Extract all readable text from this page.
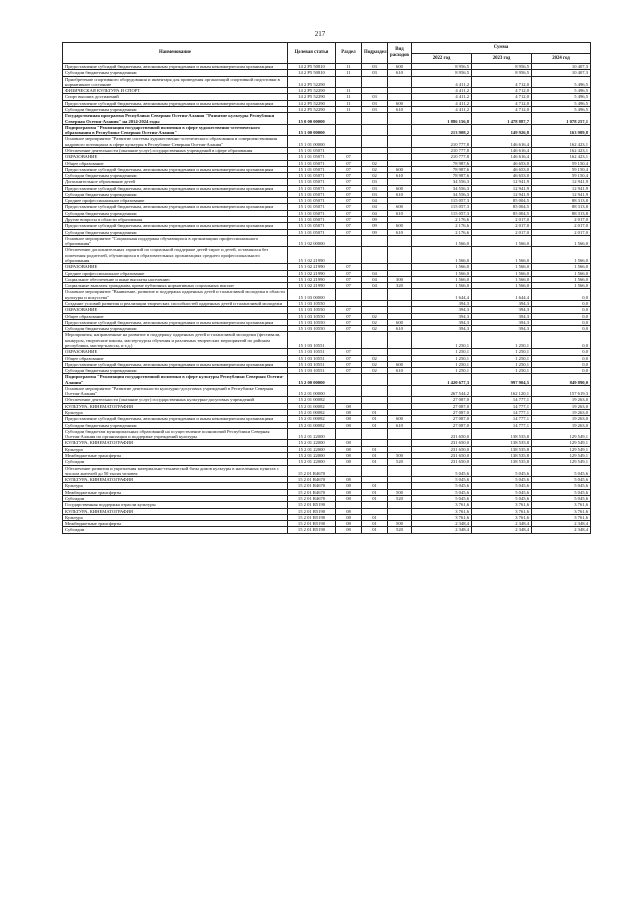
217
Наименование	Целевая статья	Раздел	Подраздел	Вид расходов	Сумма		
					2022 год	2023 год	2024 год
Предоставление субсидий бюджетным, автономным учреждениям и иным некоммерческим организациям	14 2 Р5 50810	11	03	600	8 956,5	8 956,5	10 407,3
Субсидии бюджетным учреждениям	14 2 Р5 50810	11	03	610	8 956,5	8 956,5	10 407,3
Приобретение спортивного оборудования и инвентаря для приведения организаций спортивной подготовки в нормативное состояние	14 2 Р5 52290				4 411,2	4 712,0	5 496,5
ФИЗИЧЕСКАЯ КУЛЬТУРА И СПОРТ	14 2 Р5 52290	11			4 411,2	4 712,0	5 496,5
Спорт высших достижений	14 2 Р5 52290	11	03		4 411,2	4 712,0	5 496,5
Предоставление субсидий бюджетным, автономным учреждениям и иным некоммерческим организациям	14 2 Р5 52290	11	03	600	4 411,2	4 712,0	5 496,5
Субсидии бюджетным учреждениям	14 2 Р5 52290	11	03	610	4 411,2	4 712,0	5 496,5
Государственная программа Республики Северная Осетия-Алания "Развитие культуры Республики Северная Осетия-Алания" на 2014-2024 годы	15 0 00 00000				1 886 156,8	1 478 887,7	1 078 257,1
Подпрограмма "Реализация государственной политики в сфере художественно-эстетического образования в Республике Северная Осетия-Алания"	15 1 00 00000				213 908,2	149 926,8	163 989,8
Основное мероприятие "Развитие системы художественно-эстетического образования и совершенствования кадрового потенциала в сфере культуры в Республике Северная Осетия-Алания"	15 1 01 00000				210 777,8	146 616,4	162 423,1
Обеспечение деятельности (оказание услуг) государственных учреждений в сфере образования	15 1 01 05071				210 777,8	146 616,4	162 423,1
ОБРАЗОВАНИЕ	15 1 01 05071	07			210 777,8	146 616,4	162 423,1
Общее образование	15 1 01 05071	07	02		78 987,6	46 653,0	59 150,4
Предоставление субсидий бюджетным, автономным учреждениям и иным некоммерческим организациям	15 1 01 05071	07	02	600	78 987,6	46 653,0	59 150,4
Субсидии бюджетным учреждениям	15 1 01 05071	07	02	610	78 987,6	46 653,0	59 150,4
Дополнительное образование детей	15 1 01 05071	07	03		34 556,3	12 941,9	12 941,9
Предоставление субсидий бюджетным, автономным учреждениям и иным некоммерческим организациям	15 1 01 05071	07	03	600	34 556,3	12 941,9	12 941,9
Субсидии бюджетным учреждениям	15 1 01 05071	07	03	610	34 556,3	12 941,9	12 941,9
Среднее профессиональное образование	15 1 01 05071	07	04		115 057,3	85 004,5	88 313,8
Предоставление субсидий бюджетным, автономным учреждениям и иным некоммерческим организациям	15 1 01 05071	07	04	600	115 057,3	85 004,5	88 313,8
Субсидии бюджетным учреждениям	15 1 01 05071	07	04	610	115 057,3	85 004,5	88 313,8
Другие вопросы в области образования	15 1 01 05071	07	09		2 176,6	2 017,0	2 017,0
Предоставление субсидий бюджетным, автономным учреждениям и иным некоммерческим организациям	15 1 01 05071	07	09	600	2 176,6	2 017,0	2 017,0
Субсидии бюджетным учреждениям	15 1 01 05071	07	09	610	2 176,6	2 017,0	2 017,0
Основное мероприятие "Социальная поддержка обучающихся в организациях профессионального образования"	15 1 02 00000				1 566,0	1 566,0	1 566,0
Обеспечение дополнительных гарантий по социальной поддержке детей-сирот и детей, оставшихся без попечения родителей, обучающихся в образовательных организациях среднего профессионального образования	15 1 02 21990				1 566,0	1 566,0	1 566,0
ОБРАЗОВАНИЕ	15 1 02 21990	07			1 566,0	1 566,0	1 566,0
Среднее профессиональное образование	15 1 02 21990	07	04		1 566,0	1 566,0	1 566,0
Социальное обеспечение и иные выплаты населению	15 1 02 21990	07	04	300	1 566,0	1 566,0	1 566,0
Социальные выплаты гражданам, кроме публичных нормативных социальных выплат	15 1 02 21990	07	04	320	1 566,0	1 566,0	1 566,0
Основное мероприятие "Выявление, развитие и поддержка одаренных детей и талантливой молодежи в области культуры и искусства"	15 1 03 00000				1 644,4	1 644,4	0,0
Создание условий развития и реализации творческих способностей одаренных детей и талантливой молодежи	15 1 03 10550				394,3	394,3	0,0
ОБРАЗОВАНИЕ	15 1 03 10550	07			394,3	394,3	0,0
Общее образование	15 1 03 10550	07	02		394,3	394,3	0,0
Предоставление субсидий бюджетным, автономным учреждениям и иным некоммерческим организациям	15 1 03 10550	07	02	600	394,3	394,3	0,0
Субсидии бюджетным учреждениям	15 1 03 10550	07	02	610	394,3	394,3	0,0
Мероприятия, направленные на развитие и поддержку одаренных детей и талантливой молодежи (фестивали, конкурсы, творческие школы, мастер-курсы обучения и различных творческих мероприятий по районам республики, мастер-классы, и т.д.)	15 1 03 10551				1 250,1	1 250,1	0,0
ОБРАЗОВАНИЕ	15 1 03 10551	07			1 250,1	1 250,1	0,0
Общее образование	15 1 03 10551	07	02		1 250,1	1 250,1	0,0
Предоставление субсидий бюджетным, автономным учреждениям и иным некоммерческим организациям	15 1 03 10551	07	02	600	1 250,1	1 250,1	0,0
Субсидии бюджетным учреждениям	15 1 03 10551	07	02	610	1 250,1	1 250,1	0,0
Подпрограмма "Реализация государственной политики в сфере культуры Республики Северная Осетия-Алания"	15 2 00 00000				1 420 677,3	997 904,5	849 890,0
Основное мероприятие "Развитие деятельности культурно-досуговых учреждений в Республике Северная Осетия-Алания"	15 2 01 00000				267 544,2	162 120,1	157 619,3
Обеспечение деятельности (оказание услуг) государственных культурно-досуговых учреждений	15 2 01 00082				27 087,0	14 777,1	19 263,0
КУЛЬТУРА, КИНЕМАТОГРАФИЯ	15 2 01 00082	08			27 087,0	14 777,1	19 263,0
Культура	15 2 01 00082	08	01		27 087,0	14 777,1	19 263,0
Предоставление субсидий бюджетным, автономным учреждениям и иным некоммерческим организациям	15 2 01 00082	08	01	600	27 087,0	14 777,1	19 263,0
Субсидии бюджетным учреждениям	15 2 01 00082	08	01	610	27 087,0	14 777,1	19 263,0
Субсидии бюджетам муниципальных образований на осуществление полномочий Республики Северная Осетия-Алания по организации и поддержке учреждений культуры	15 2 01 22000				231 650,0	138 535,8	129 549,1
КУЛЬТУРА, КИНЕМАТОГРАФИЯ	15 2 01 22000	08			231 650,0	138 535,8	129 549,1
Культура	15 2 01 22000	08	01		231 650,0	138 535,8	129 549,1
Межбюджетные трансферты	15 2 01 22000	08	01	500	231 650,0	138 535,8	129 549,1
Субсидии	15 2 01 22000	08	01	520	231 650,0	138 535,8	129 549,1
Обеспечение развития и укрепления материально-технической базы домов культуры в населенных пунктах с числом жителей до 50 тысяч человек	15 2 01 R4670				5 045,6	5 045,6	5 045,6
КУЛЬТУРА, КИНЕМАТОГРАФИЯ	15 2 01 R4670	08			5 045,6	5 045,6	5 045,6
Культура	15 2 01 R4670	08	01		5 045,6	5 045,6	5 045,6
Межбюджетные трансферты	15 2 01 R4670	08	01	500	5 045,6	5 045,6	5 045,6
Субсидии	15 2 01 R4670	08	01	520	5 045,6	5 045,6	5 045,6
Государственная поддержка отрасли культуры	15 2 01 R5190				3 761,6	3 761,6	3 761,6
КУЛЬТУРА, КИНЕМАТОГРАФИЯ	15 2 01 R5190	08			3 761,6	3 761,6	3 761,6
Культура	15 2 01 R5190	08	01		3 761,6	3 761,6	3 761,6
Межбюджетные трансферты	15 2 01 R5190	08	01	500	2 348,4	2 348,4	2 348,4
Субсидии	15 2 01 R5190	08	01	520	2 348,4	2 348,4	2 348,4
